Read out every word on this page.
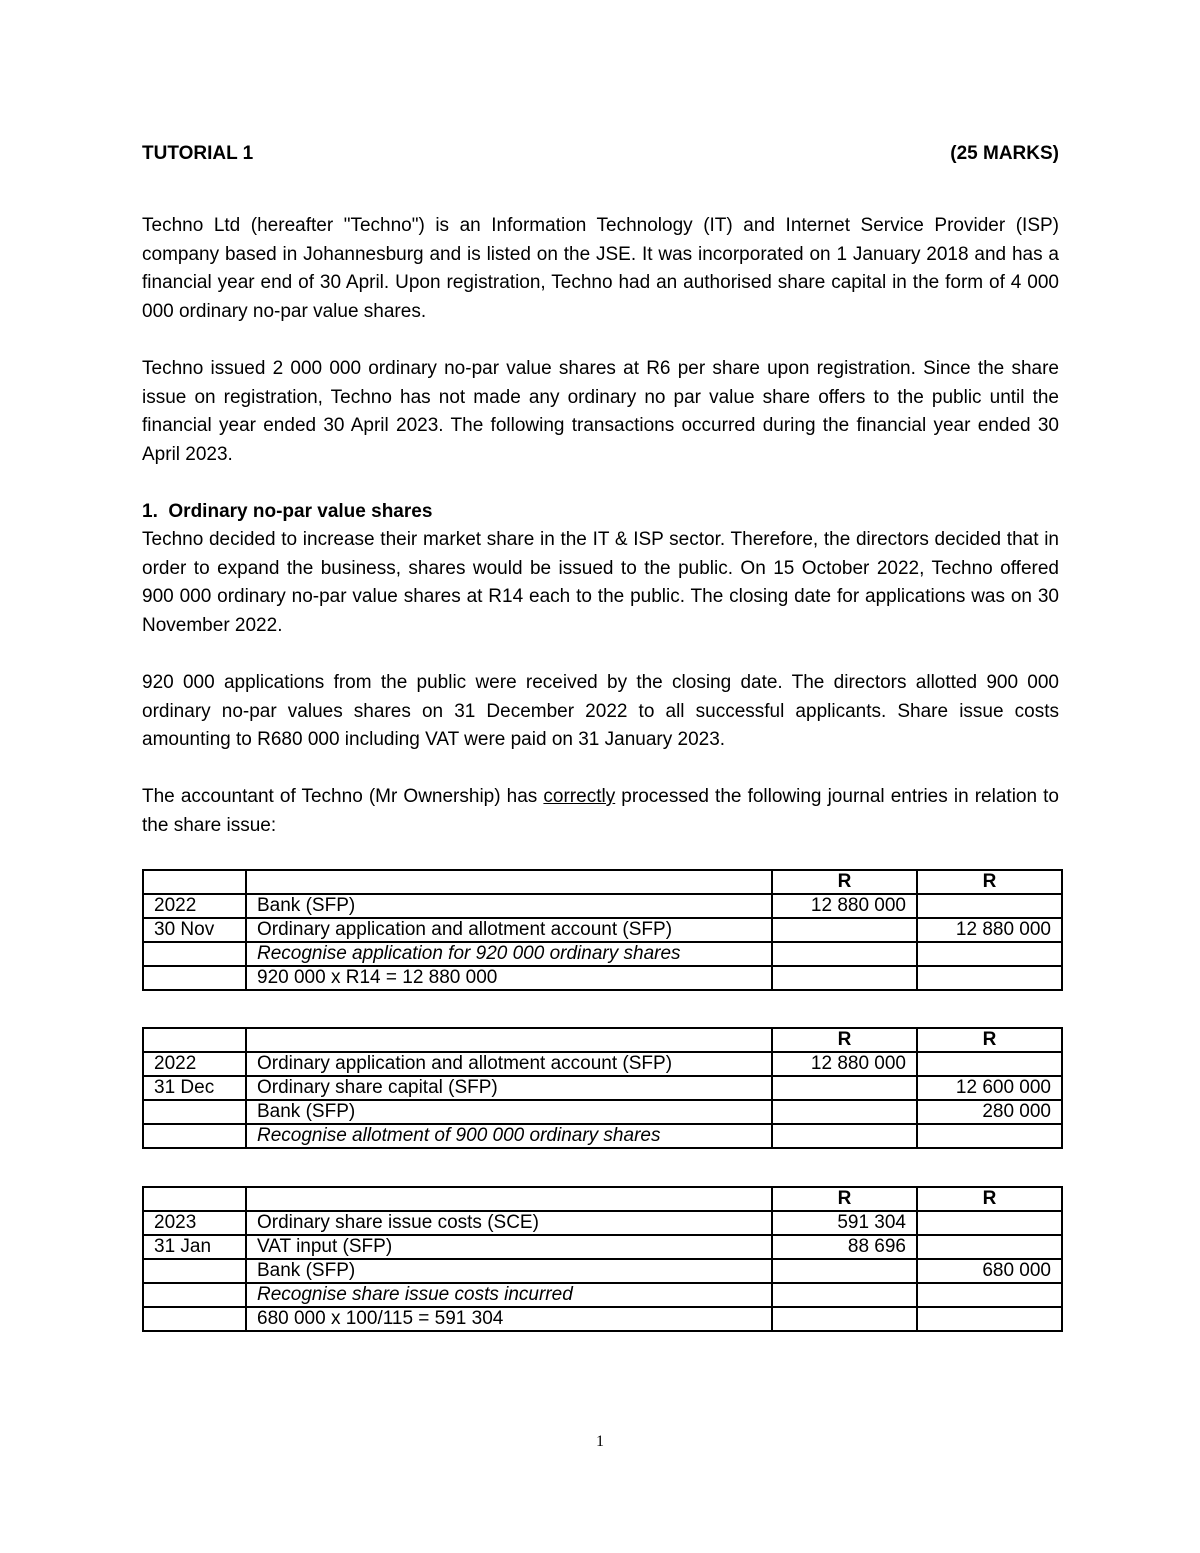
TUTORIAL 1	(25 MARKS)

Techno Ltd (hereafter "Techno") is an Information Technology (IT) and Internet Service Provider (ISP) company based in Johannesburg and is listed on the JSE. It was incorporated on 1 January 2018 and has a financial year end of 30 April. Upon registration, Techno had an authorised share capital in the form of 4 000 000 ordinary no-par value shares.

Techno issued 2 000 000 ordinary no-par value shares at R6 per share upon registration. Since the share issue on registration, Techno has not made any ordinary no par value share offers to the public until the financial year ended 30 April 2023. The following transactions occurred during the financial year ended 30 April 2023.

1.  Ordinary no-par value shares

Techno decided to increase their market share in the IT & ISP sector. Therefore, the directors decided that in order to expand the business, shares would be issued to the public. On 15 October 2022, Techno offered 900 000 ordinary no-par value shares at R14 each to the public. The closing date for applications was on 30 November 2022.

920 000 applications from the public were received by the closing date. The directors allotted 900 000 ordinary no-par values shares on 31 December 2022 to all successful applicants. Share issue costs amounting to R680 000 including VAT were paid on 31 January 2023.

The accountant of Techno (Mr Ownership) has correctly processed the following journal entries in relation to the share issue:

		R	R
2022	Bank (SFP)	12 880 000	
30 Nov	Ordinary application and allotment account (SFP)		12 880 000
	Recognise application for 920 000 ordinary shares		
	920 000 x R14 = 12 880 000		
		R	R
2022	Ordinary application and allotment account (SFP)	12 880 000	
31 Dec	Ordinary share capital (SFP)		12 600 000
	Bank (SFP)		280 000
	Recognise allotment of 900 000 ordinary shares		
		R	R
2023	Ordinary share issue costs (SCE)	591 304	
31 Jan	VAT input (SFP)	88 696	
	Bank (SFP)		680 000
	Recognise share issue costs incurred		
	680 000 x 100/115 = 591 304		
1
